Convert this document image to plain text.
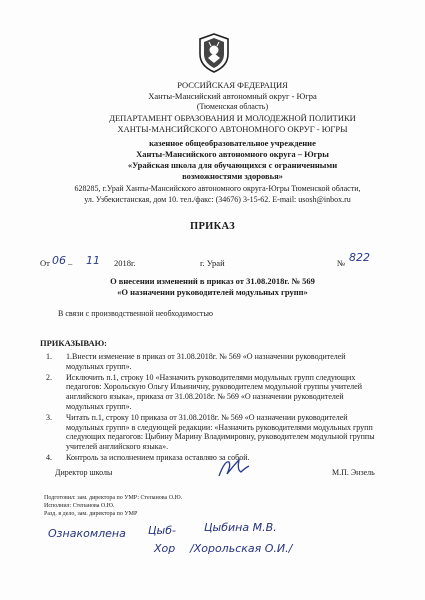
РОССИЙСКАЯ ФЕДЕРАЦИЯ
Ханты-Мансийский автономный округ - Югра
(Тюменская область)
ДЕПАРТАМЕНТ ОБРАЗОВАНИЯ И МОЛОДЕЖНОЙ ПОЛИТИКИ
ХАНТЫ-МАНСИЙСКОГО АВТОНОМНОГО ОКРУГ - ЮГРЫ
казенное общеобразовательное учреждение
Ханты-Мансийского автономного округа – Югры
«Урайская школа для обучающихся с ограниченными
возможностями здоровья»
628285, г.Урай Ханты-Мансийского автономного округа-Югры Тюменской области,
ул. Узбекистанская, дом 10. тел./факс: (34676) 3-15-62. E-mail: usosh@inbox.ru
ПРИКАЗ
От 06 – 11 2018г.	г. Урай	№ 822
О внесении изменений в приказ от 31.08.2018г. № 569
«О назначении руководителей модульных групп»
В связи с производственной необходимостью
ПРИКАЗЫВАЮ:
1. 1.Внести изменение в приказ от 31.08.2018г. № 569 «О назначении руководителей
модульных групп».
2. Исключить п.1, строку 10 «Назначить руководителями модульных групп следующих
педагогов: Хорольскую Ольгу Ильиничну, руководителем модульной группы учителей
английского языка», приказа от 31.08.2018г. № 569 «О назначении руководителей
модульных групп».
3. Читать п.1, строку 10 приказа от 31.08.2018г. № 569 «О назначении руководителей
модульных групп» в следующей редакции: «Назначить руководителями модульных групп
следующих педагогов: Цыбину Марину Владимировну, руководителем модульной группы
учителей английского языка».
4. Контроль за исполнением приказа оставляю за собой.
Директор школы	М.П. Энзель
Подготовил: зам. директора по УМР: Степанова О.Ю.
Исполнил: Степанова О.Ю.
Разд. в дело, зам. директора по УМР
Ознакомлена Цыб-	Цыбина М.В.
Хор /Хорольская О.И./
